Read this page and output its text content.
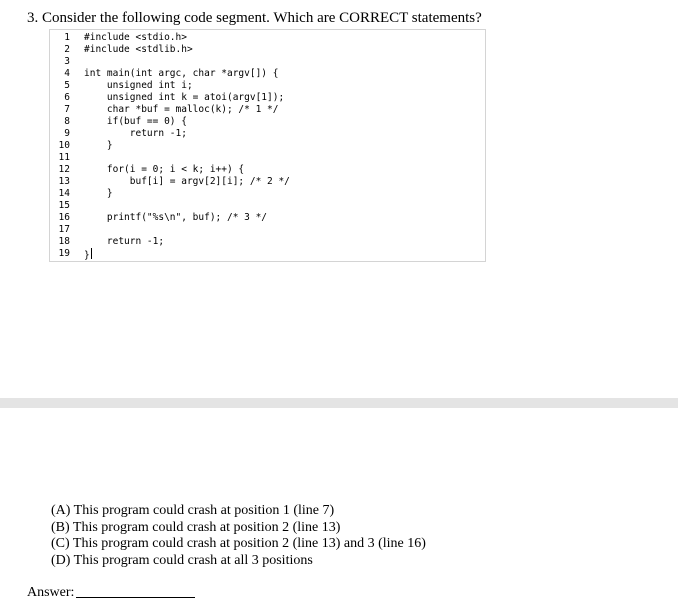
3. Consider the following code segment. Which are CORRECT statements?
1 #include <stdio.h>
2 #include <stdlib.h>
3
4 int main(int argc, char *argv[]) {
5 unsigned int i;
6 unsigned int k = atoi(argv[1]);
7 char *buf = malloc(k); /* 1 */
8 if(buf == 0) {
9 return -1;
10 }
11
12 for(i = 0; i < k; i++) {
13 buf[i] = argv[2][i]; /* 2 */
14 }
15
16 printf("%s\n", buf); /* 3 */
17
18 return -1;
19 }
(A) This program could crash at position 1 (line 7)
(B) This program could crash at position 2 (line 13)
(C) This program could crash at position 2 (line 13) and 3 (line 16)
(D) This program could crash at all 3 positions
Answer:
